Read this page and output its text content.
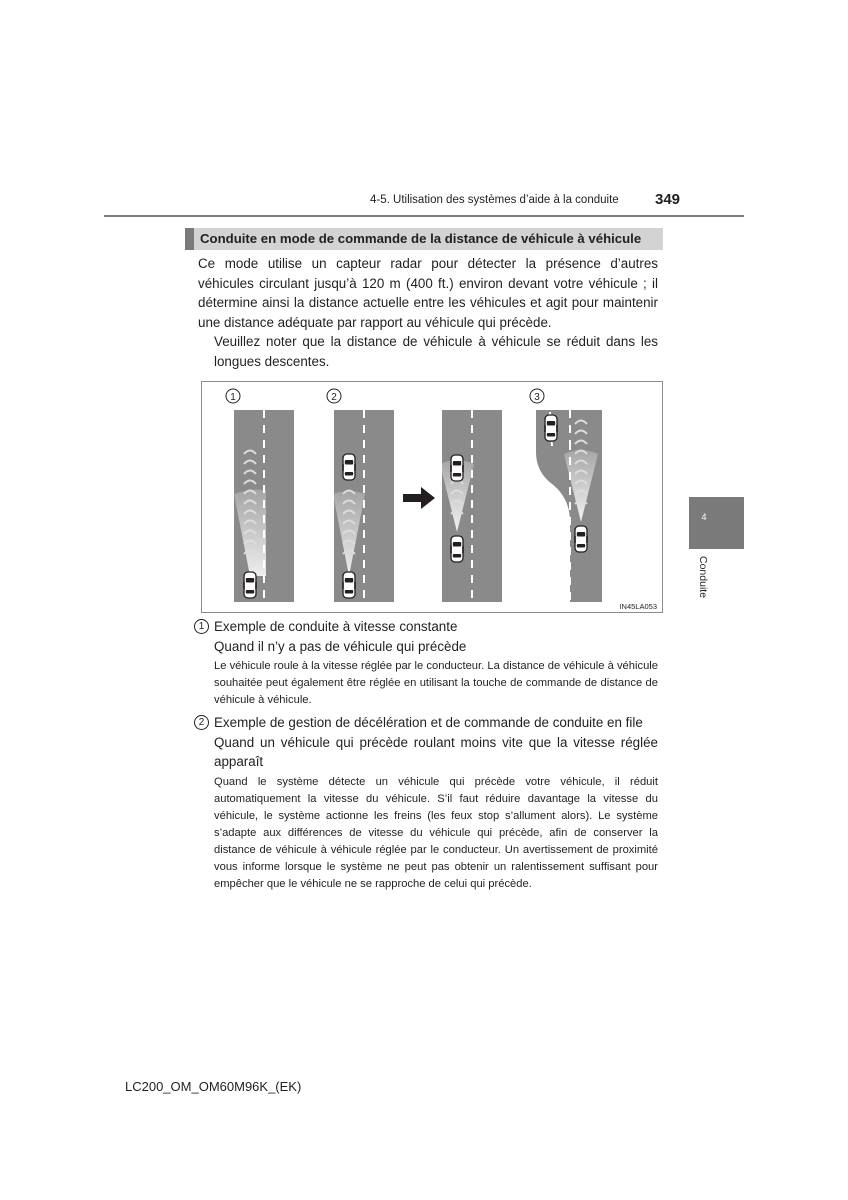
4-5. Utilisation des systèmes d’aide à la conduite 349
Conduite en mode de commande de la distance de véhicule à véhicule
Ce mode utilise un capteur radar pour détecter la présence d’autres véhicules circulant jusqu’à 120 m (400 ft.) environ devant votre véhicule ; il détermine ainsi la distance actuelle entre les véhicules et agit pour maintenir une distance adéquate par rapport au véhicule qui précède.
Veuillez noter que la distance de véhicule à véhicule se réduit dans les longues descentes.
1	2	3
IN45LA053
1 Exemple de conduite à vitesse constante
Quand il n’y a pas de véhicule qui précède
Le véhicule roule à la vitesse réglée par le conducteur. La distance de véhicule à véhicule souhaitée peut également être réglée en utilisant la touche de commande de distance de véhicule à véhicule.
2 Exemple de gestion de décélération et de commande de conduite en file
Quand un véhicule qui précède roulant moins vite que la vitesse réglée apparaît
Quand le système détecte un véhicule qui précède votre véhicule, il réduit automatiquement la vitesse du véhicule. S’il faut réduire davantage la vitesse du véhicule, le système actionne les freins (les feux stop s’allument alors). Le système s’adapte aux différences de vitesse du véhicule qui précède, afin de conserver la distance de véhicule à véhicule réglée par le conducteur. Un avertissement de proximité vous informe lorsque le système ne peut pas obtenir un ralentissement suffisant pour empêcher que le véhicule ne se rapproche de celui qui précède.
4
Conduite
LC200_OM_OM60M96K_(EK)
